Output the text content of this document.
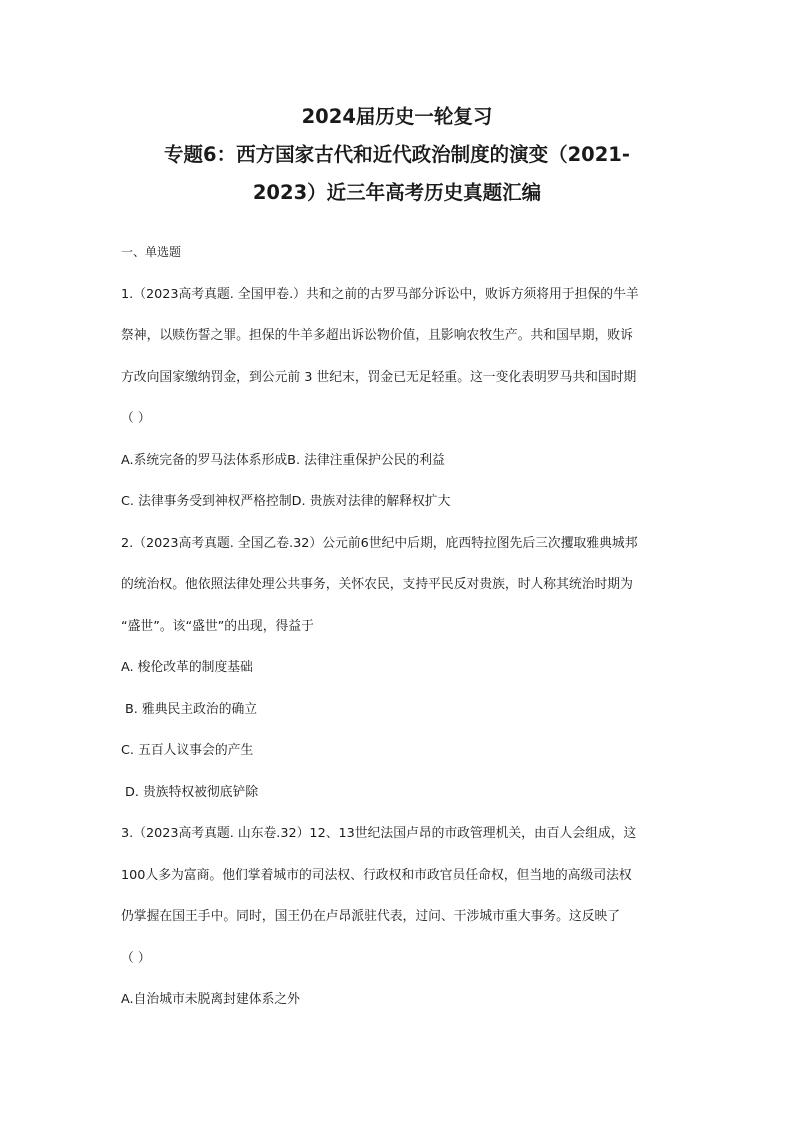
2024届历史一轮复习
专题6：西方国家古代和近代政治制度的演变（2021-
2023）近三年高考历史真题汇编
一、单选题
1.（2023高考真题. 全国甲卷.）共和之前的古罗马部分诉讼中，败诉方须将用于担保的牛羊
祭神，以赎伤誓之罪。担保的牛羊多超出诉讼物价值，且影响农牧生产。共和国早期，败诉
方改向国家缴纳罚金，到公元前 3 世纪末，罚金已无足轻重。这一变化表明罗马共和国时期
（ ）
A.系统完备的罗马法体系形成B. 法律注重保护公民的利益
C. 法律事务受到神权严格控制D. 贵族对法律的解释权扩大
2.（2023高考真题. 全国乙卷.32）公元前6世纪中后期，庇西特拉图先后三次攫取雅典城邦
的统治权。他依照法律处理公共事务，关怀农民，支持平民反对贵族，时人称其统治时期为
“盛世”。该“盛世”的出现，得益于
A. 梭伦改革的制度基础
B. 雅典民主政治的确立
C. 五百人议事会的产生
D. 贵族特权被彻底铲除
3.（2023高考真题. 山东卷.32）12、13世纪法国卢昂的市政管理机关，由百人会组成，这
100人多为富商。他们掌着城市的司法权、行政权和市政官员任命权，但当地的高级司法权
仍掌握在国王手中。同时，国王仍在卢昂派驻代表，过问、干涉城市重大事务。这反映了
（ ）
A.自治城市未脱离封建体系之外
